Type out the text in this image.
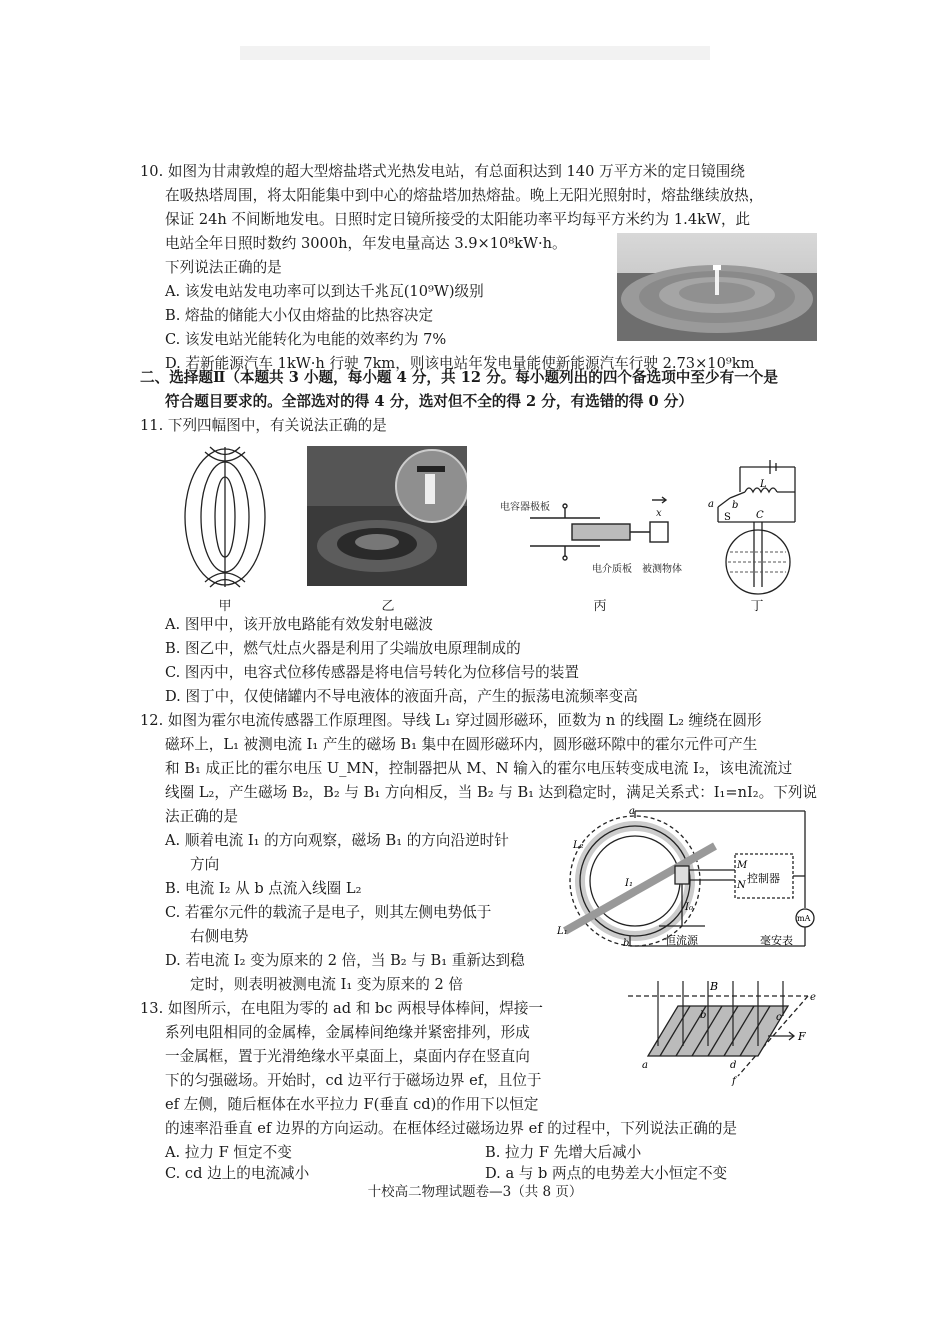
10. 如图为甘肃敦煌的超大型熔盐塔式光热发电站，有总面积达到 140 万平方米的定日镜围绕
在吸热塔周围，将太阳能集中到中心的熔盐塔加热熔盐。晚上无阳光照射时，熔盐继续放热，
保证 24h 不间断地发电。日照时定日镜所接受的太阳能功率平均每平方米约为 1.4kW，此
电站全年日照时数约 3000h，年发电量高达 3.9×10⁸kW·h。
下列说法正确的是
A. 该发电站发电功率可以到达千兆瓦(10⁹W)级别
B. 熔盐的储能大小仅由熔盐的比热容决定
C. 该发电站光能转化为电能的效率约为 7%
D. 若新能源汽车 1kW·h 行驶 7km，则该电站年发电量能使新能源汽车行驶 2.73×10⁹km
二、选择题Ⅱ（本题共 3 小题，每小题 4 分，共 12 分。每小题列出的四个备选项中至少有一个是
符合题目要求的。全部选对的得 4 分，选对但不全的得 2 分，有选错的得 0 分）
11. 下列四幅图中，有关说法正确的是
甲	乙
电容器极板
电介质板 被测物体
x
丙
a b
L
S	C
丁
A. 图甲中，该开放电路能有效发射电磁波
B. 图乙中，燃气灶点火器是利用了尖端放电原理制成的
C. 图丙中，电容式位移传感器是将电信号转化为位移信号的装置
D. 图丁中，仅使储罐内不导电液体的液面升高，产生的振荡电流频率变高
12. 如图为霍尔电流传感器工作原理图。导线 L₁ 穿过圆形磁环，匝数为 n 的线圈 L₂ 缠绕在圆形
磁环上，L₁ 被测电流 I₁ 产生的磁场 B₁ 集中在圆形磁环内，圆形磁环隙中的霍尔元件可产生
和 B₁ 成正比的霍尔电压 U_MN，控制器把从 M、N 输入的霍尔电压转变成电流 I₂，该电流流过
线圈 L₂，产生磁场 B₂，B₂ 与 B₁ 方向相反，当 B₂ 与 B₁ 达到稳定时，满足关系式：I₁=nI₂。下列说
法正确的是
A. 顺着电流 I₁ 的方向观察，磁场 B₁ 的方向沿逆时针
方向
B. 电流 I₂ 从 b 点流入线圈 L₂
C. 若霍尔元件的载流子是电子，则其左侧电势低于
右侧电势
D. 若电流 I₂ 变为原来的 2 倍，当 B₂ 与 B₁ 重新达到稳
定时，则表明被测电流 I₁ 变为原来的 2 倍
a
b
L₂
L₁
I₁
M
N
控制器
I₀
恒流源	毫安表
mA
13. 如图所示，在电阻为零的 ad 和 bc 两根导体棒间，焊接一
系列电阻相同的金属棒，金属棒间绝缘并紧密排列，形成
一金属框，置于光滑绝缘水平桌面上，桌面内存在竖直向
下的匀强磁场。开始时，cd 边平行于磁场边界 ef，且位于
ef 左侧，随后框体在水平拉力 F(垂直 cd)的作用下以恒定
的速率沿垂直 ef 边界的方向运动。在框体经过磁场边界 ef 的过程中，下列说法正确的是
A. 拉力 F 恒定不变	B. 拉力 F 先增大后减小
C. cd 边上的电流减小	D. a 与 b 两点的电势差大小恒定不变
B
a
b	c
d
e
f
F
十校高二物理试题卷—3（共 8 页）
